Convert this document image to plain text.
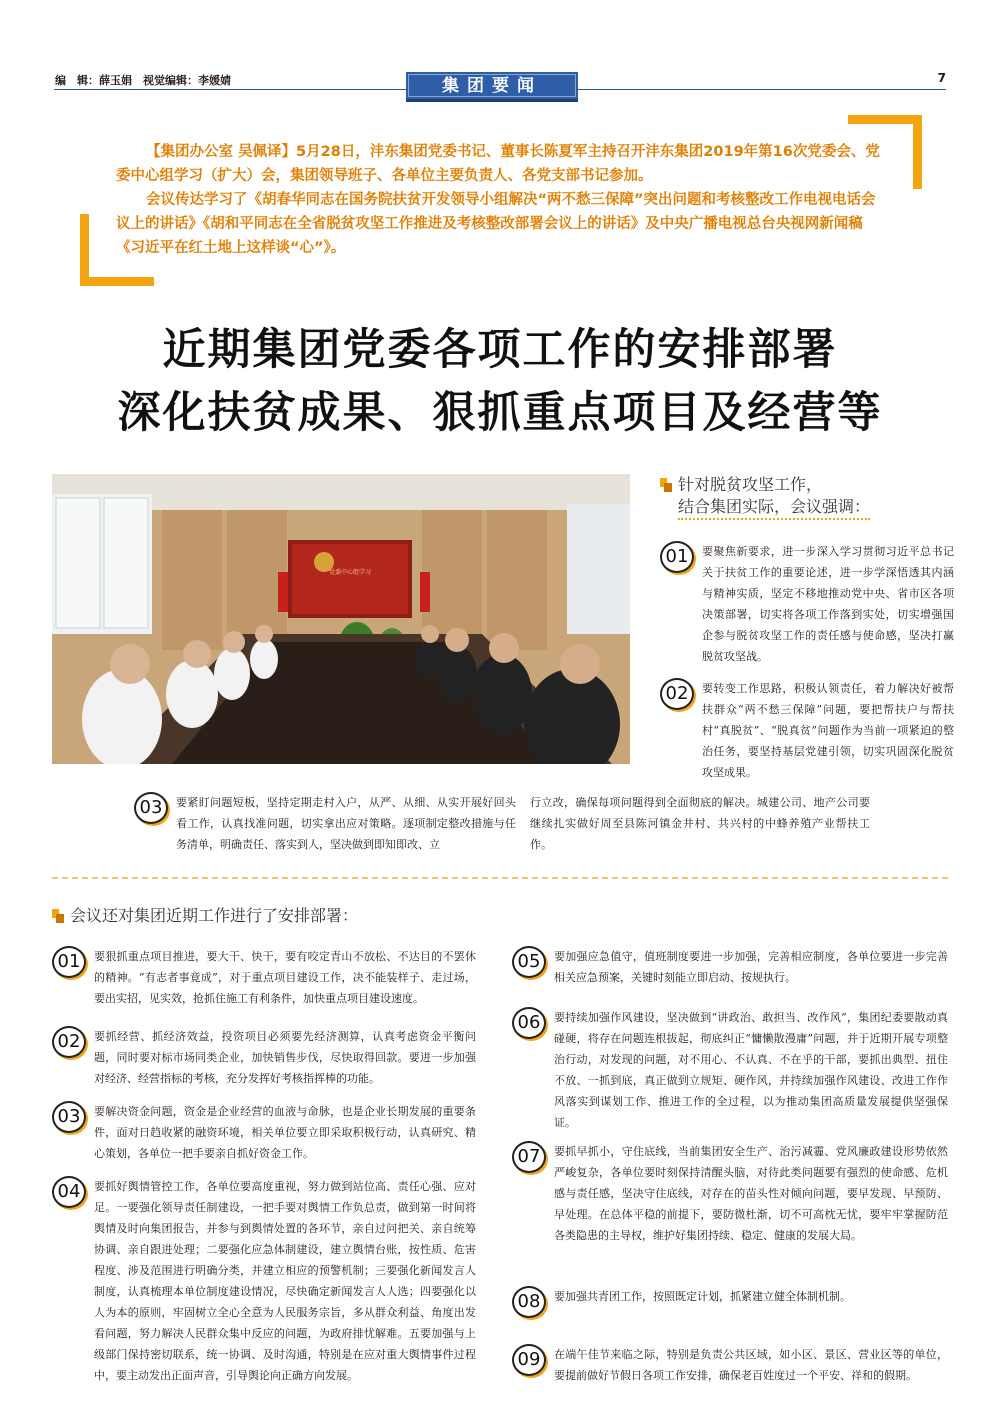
编　辑：薛玉娟　视觉编辑：李媛婧	集团要闻	7

【集团办公室 吴佩译】5月28日，沣东集团党委书记、董事长陈夏军主持召开沣东集团2019年第16次党委会、党委中心组学习（扩大）会，集团领导班子、各单位主要负责人、各党支部书记参加。

会议传达学习了《胡春华同志在国务院扶贫开发领导小组解决“两不愁三保障”突出问题和考核整改工作电视电话会议上的讲话》《胡和平同志在全省脱贫攻坚工作推进及考核整改部署会议上的讲话》及中央广播电视总台央视网新闻稿《习近平在红土地上这样谈“心”》。

近期集团党委各项工作的安排部署
深化扶贫成果、狠抓重点项目及经营等
党委中心组学习
针对脱贫攻坚工作，
结合集团实际，会议强调：
01	要聚焦新要求，进一步深入学习贯彻习近平总书记关于扶贫工作的重要论述，进一步学深悟透其内涵与精神实质，坚定不移地推动党中央、省市区各项决策部署，切实将各项工作落到实处，切实增强国企参与脱贫攻坚工作的责任感与使命感，坚决打赢脱贫攻坚战。
02	要转变工作思路，积极认领责任，着力解决好被帮扶群众“两不愁三保障”问题，要把帮扶户与帮扶村“真脱贫”、“脱真贫”问题作为当前一项紧迫的整治任务，要坚持基层党建引领，切实巩固深化脱贫攻坚成果。
03	要紧盯问题短板，坚持定期走村入户，从严、从细、从实开展好回头看工作，认真找准问题，切实拿出应对策略。逐项制定整改措施与任务清单，明确责任、落实到人，坚决做到即知即改、立
行立改，确保每项问题得到全面彻底的解决。城建公司、地产公司要继续扎实做好周至县陈河镇金井村、共兴村的中蜂养殖产业帮扶工作。
会议还对集团近期工作进行了安排部署：
01	要狠抓重点项目推进，要大干、快干，要有咬定青山不放松、不达目的不罢休的精神。“有志者事竟成”，对于重点项目建设工作，决不能装样子、走过场，要出实招，见实效，抢抓住施工有利条件，加快重点项目建设速度。
02	要抓经营、抓经济效益，投资项目必须要先经济测算，认真考虑资金平衡问题，同时要对标市场同类企业，加快销售步伐，尽快取得回款。要进一步加强对经济、经营指标的考核，充分发挥好考核指挥棒的功能。
03	要解决资金问题，资金是企业经营的血液与命脉，也是企业长期发展的重要条件，面对日趋收紧的融资环境，相关单位要立即采取积极行动，认真研究、精心策划，各单位一把手要亲自抓好资金工作。
04	要抓好舆情管控工作，各单位要高度重视，努力做到站位高、责任心强、应对足。一要强化领导责任制建设，一把手要对舆情工作负总责，做到第一时间将舆情及时向集团报告，并参与到舆情处置的各环节，亲自过问把关、亲自统筹协调、亲自跟进处理；二要强化应急体制建设，建立舆情台账，按性质、危害程度、涉及范围进行明确分类，并建立相应的预警机制；三要强化新闻发言人制度，认真梳理本单位制度建设情况，尽快确定新闻发言人人选；四要强化以人为本的原则，牢固树立全心全意为人民服务宗旨，多从群众利益、角度出发看问题，努力解决人民群众集中反应的问题，为政府排忧解难。五要加强与上级部门保持密切联系，统一协调、及时沟通，特别是在应对重大舆情事件过程中，要主动发出正面声音，引导舆论向正确方向发展。
05	要加强应急值守，值班制度要进一步加强，完善相应制度，各单位要进一步完善相关应急预案，关键时刻能立即启动、按规执行。
06	要持续加强作风建设，坚决做到“讲政治、敢担当、改作风”，集团纪委要散动真碰硬，将存在问题连根拔起，彻底纠正“慵懒散漫庸”问题，并于近期开展专项整治行动，对发现的问题，对不用心、不认真、不在乎的干部，要抓出典型、扭住不放、一抓到底，真正做到立规矩、硬作风，并持续加强作风建设、改进工作作风落实到谋划工作、推进工作的全过程，以为推动集团高质量发展提供坚强保证。
07	要抓早抓小，守住底线，当前集团安全生产、治污减霾、党风廉政建设形势依然严峻复杂，各单位要时刻保持清醒头脑，对待此类问题要有强烈的使命感、危机感与责任感，坚决守住底线，对存在的苗头性对倾向问题，要早发现、早预防、早处理。在总体平稳的前提下，要防微杜渐，切不可高枕无忧，要牢牢掌握防范各类隐患的主导权，维护好集团持续、稳定、健康的发展大局。
08	要加强共青团工作，按照既定计划，抓紧建立健全体制机制。
09	在端午佳节来临之际，特别是负责公共区域，如小区、景区、营业区等的单位，要提前做好节假日各项工作安排，确保老百姓度过一个平安、祥和的假期。
